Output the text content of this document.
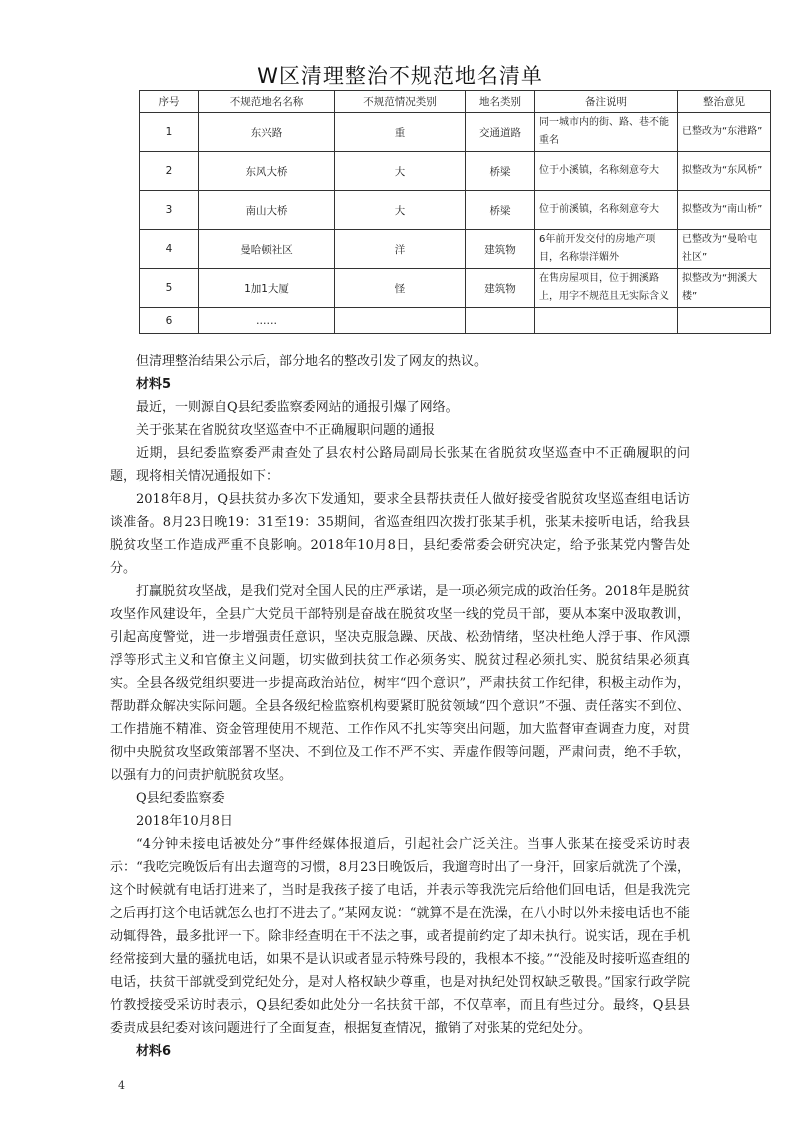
W区清理整治不规范地名清单
序号	不规范地名名称	不规范情况类别	地名类别	备注说明	整治意见
1	东兴路	重	交通道路	同一城市内的街、路、巷不能重名	已整改为“东港路”
2	东风大桥	大	桥梁	位于小溪镇，名称刻意夸大	拟整改为“东风桥”
3	南山大桥	大	桥梁	位于前溪镇，名称刻意夸大	拟整改为“南山桥”
4	曼哈顿社区	洋	建筑物	6年前开发交付的房地产项目，名称崇洋媚外	已整改为“曼哈屯社区”
5	1加1大厦	怪	建筑物	在售房屋项目，位于拥溪路上，用字不规范且无实际含义	拟整改为“拥溪大楼”
6	……				

但清理整治结果公示后，部分地名的整改引发了网友的热议。

材料5

最近，一则源自Q县纪委监察委网站的通报引爆了网络。

关于张某在省脱贫攻坚巡查中不正确履职问题的通报

近期，县纪委监察委严肃查处了县农村公路局副局长张某在省脱贫攻坚巡查中不正确履职的问题，现将相关情况通报如下：

2018年8月，Q县扶贫办多次下发通知，要求全县帮扶责任人做好接受省脱贫攻坚巡查组电话访谈准备。8月23日晚19：31至19：35期间，省巡查组四次拨打张某手机，张某未接听电话，给我县脱贫攻坚工作造成严重不良影响。2018年10月8日，县纪委常委会研究决定，给予张某党内警告处分。

打赢脱贫攻坚战，是我们党对全国人民的庄严承诺，是一项必须完成的政治任务。2018年是脱贫攻坚作风建设年，全县广大党员干部特别是奋战在脱贫攻坚一线的党员干部，要从本案中汲取教训，引起高度警觉，进一步增强责任意识，坚决克服急躁、厌战、松劲情绪，坚决杜绝人浮于事、作风漂浮等形式主义和官僚主义问题，切实做到扶贫工作必须务实、脱贫过程必须扎实、脱贫结果必须真实。全县各级党组织要进一步提高政治站位，树牢“四个意识”，严肃扶贫工作纪律，积极主动作为，帮助群众解决实际问题。全县各级纪检监察机构要紧盯脱贫领域“四个意识”不强、责任落实不到位、工作措施不精准、资金管理使用不规范、工作作风不扎实等突出问题，加大监督审查调查力度，对贯彻中央脱贫攻坚政策部署不坚决、不到位及工作不严不实、弄虚作假等问题，严肃问责，绝不手软，以强有力的问责护航脱贫攻坚。

Q县纪委监察委

2018年10月8日

“4分钟未接电话被处分”事件经媒体报道后，引起社会广泛关注。当事人张某在接受采访时表示：“我吃完晚饭后有出去遛弯的习惯，8月23日晚饭后，我遛弯时出了一身汗，回家后就洗了个澡，这个时候就有电话打进来了，当时是我孩子接了电话，并表示等我洗完后给他们回电话，但是我洗完之后再打这个电话就怎么也打不进去了。”某网友说：“就算不是在洗澡，在八小时以外未接电话也不能动辄得咎，最多批评一下。除非经查明在干不法之事，或者提前约定了却未执行。说实话，现在手机经常接到大量的骚扰电话，如果不是认识或者显示特殊号段的，我根本不接。”“没能及时接听巡查组的电话，扶贫干部就受到党纪处分，是对人格权缺少尊重，也是对执纪处罚权缺乏敬畏。”国家行政学院竹教授接受采访时表示，Q县纪委如此处分一名扶贫干部，不仅草率，而且有些过分。最终，Q县县委责成县纪委对该问题进行了全面复查，根据复查情况，撤销了对张某的党纪处分。

材料6

4
